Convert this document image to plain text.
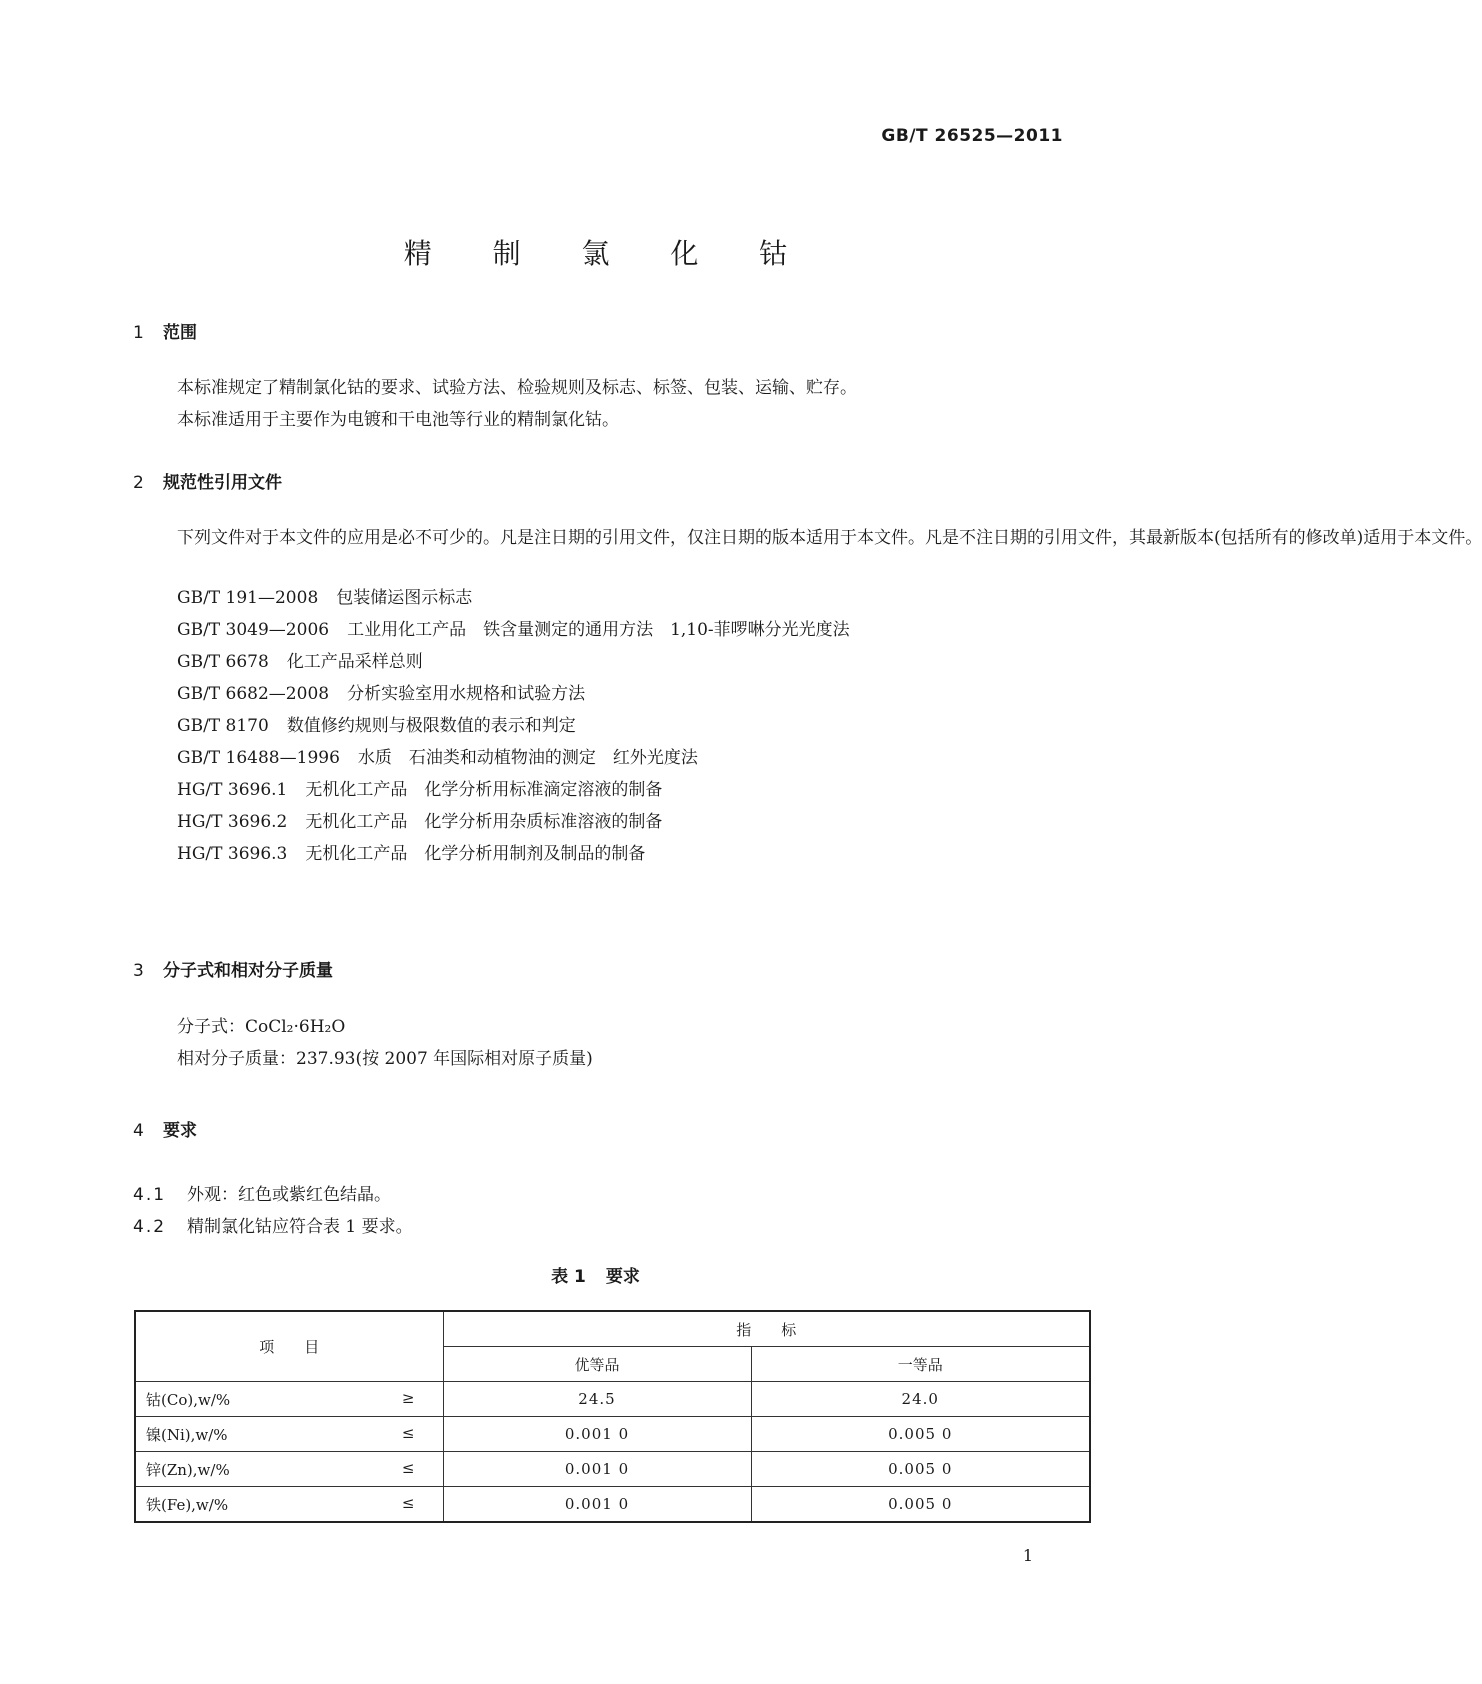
GB/T 26525—2011
精 制 氯 化 钴
1 范围

本标准规定了精制氯化钴的要求、试验方法、检验规则及标志、标签、包装、运输、贮存。

本标准适用于主要作为电镀和干电池等行业的精制氯化钴。

2 规范性引用文件

下列文件对于本文件的应用是必不可少的。凡是注日期的引用文件，仅注日期的版本适用于本文件。凡是不注日期的引用文件，其最新版本(包括所有的修改单)适用于本文件。

GB/T 191—2008 包装储运图示标志
GB/T 3049—2006 工业用化工产品　铁含量测定的通用方法　1,10-菲啰啉分光光度法
GB/T 6678 化工产品采样总则
GB/T 6682—2008 分析实验室用水规格和试验方法
GB/T 8170 数值修约规则与极限数值的表示和判定
GB/T 16488—1996 水质　石油类和动植物油的测定　红外光度法
HG/T 3696.1 无机化工产品　化学分析用标准滴定溶液的制备
HG/T 3696.2 无机化工产品　化学分析用杂质标准溶液的制备
HG/T 3696.3 无机化工产品　化学分析用制剂及制品的制备
3 分子式和相对分子质量
分子式：CoCl₂·6H₂O
相对分子质量：237.93(按 2007 年国际相对原子质量)
4 要求
4.1 外观：红色或紫红色结晶。
4.2 精制氯化钴应符合表 1 要求。
表 1 要求
项　　目	指　　标	
	优等品	一等品
钴(Co),w/% ≥	24.5	24.0
镍(Ni),w/% ≤	0.001 0	0.005 0
锌(Zn),w/% ≤	0.001 0	0.005 0
铁(Fe),w/% ≤	0.001 0	0.005 0
1
